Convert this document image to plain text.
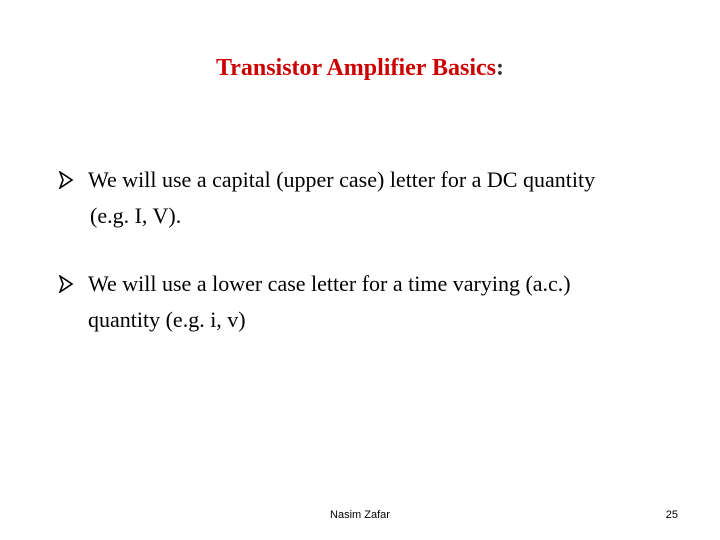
Transistor Amplifier Basics:
We will use a capital (upper case) letter for a DC quantity
(e.g. I, V).
We will use a lower case letter for a time varying (a.c.)
quantity (e.g. i, v)
Nasim Zafar	25
